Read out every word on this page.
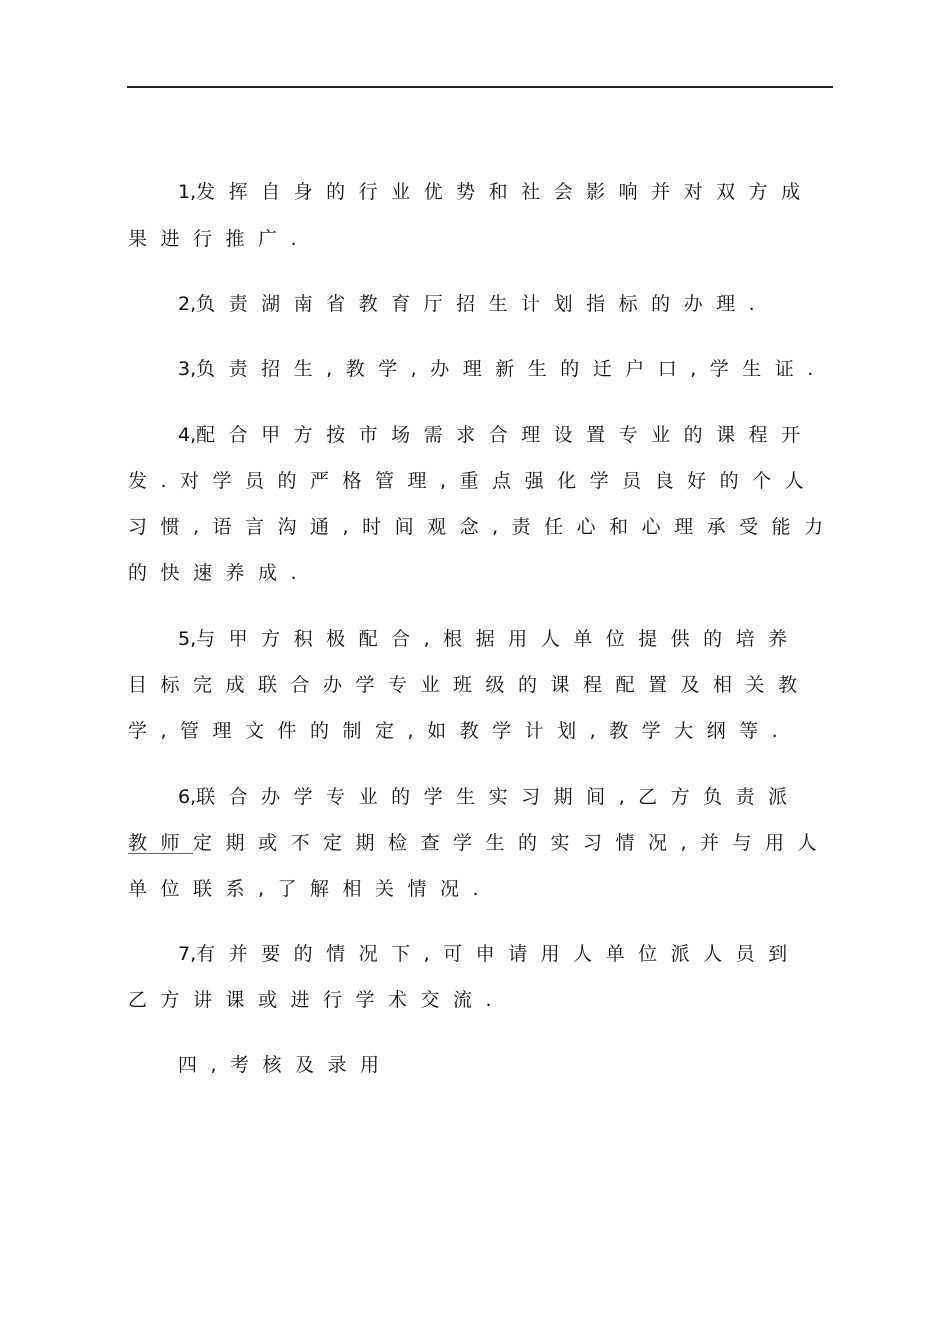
1,发挥自身的行业优势和社会影响并对双方成
果进行推广.
2,负责湖南省教育厅招生计划指标的办理.
3,负责招生,教学,办理新生的迁户口,学生证.
4,配合甲方按市场需求合理设置专业的课程开
发.对学员的严格管理,重点强化学员良好的个人
习惯,语言沟通,时间观念,责任心和心理承受能力
的快速养成.
5,与甲方积极配合,根据用人单位提供的培养
目标完成联合办学专业班级的课程配置及相关教
学,管理文件的制定,如教学计划,教学大纲等.
6,联合办学专业的学生实习期间,乙方负责派
教师定期或不定期检查学生的实习情况,并与用人
单位联系,了解相关情况.
7,有并要的情况下,可申请用人单位派人员到
乙方讲课或进行学术交流.
四,考核及录用
